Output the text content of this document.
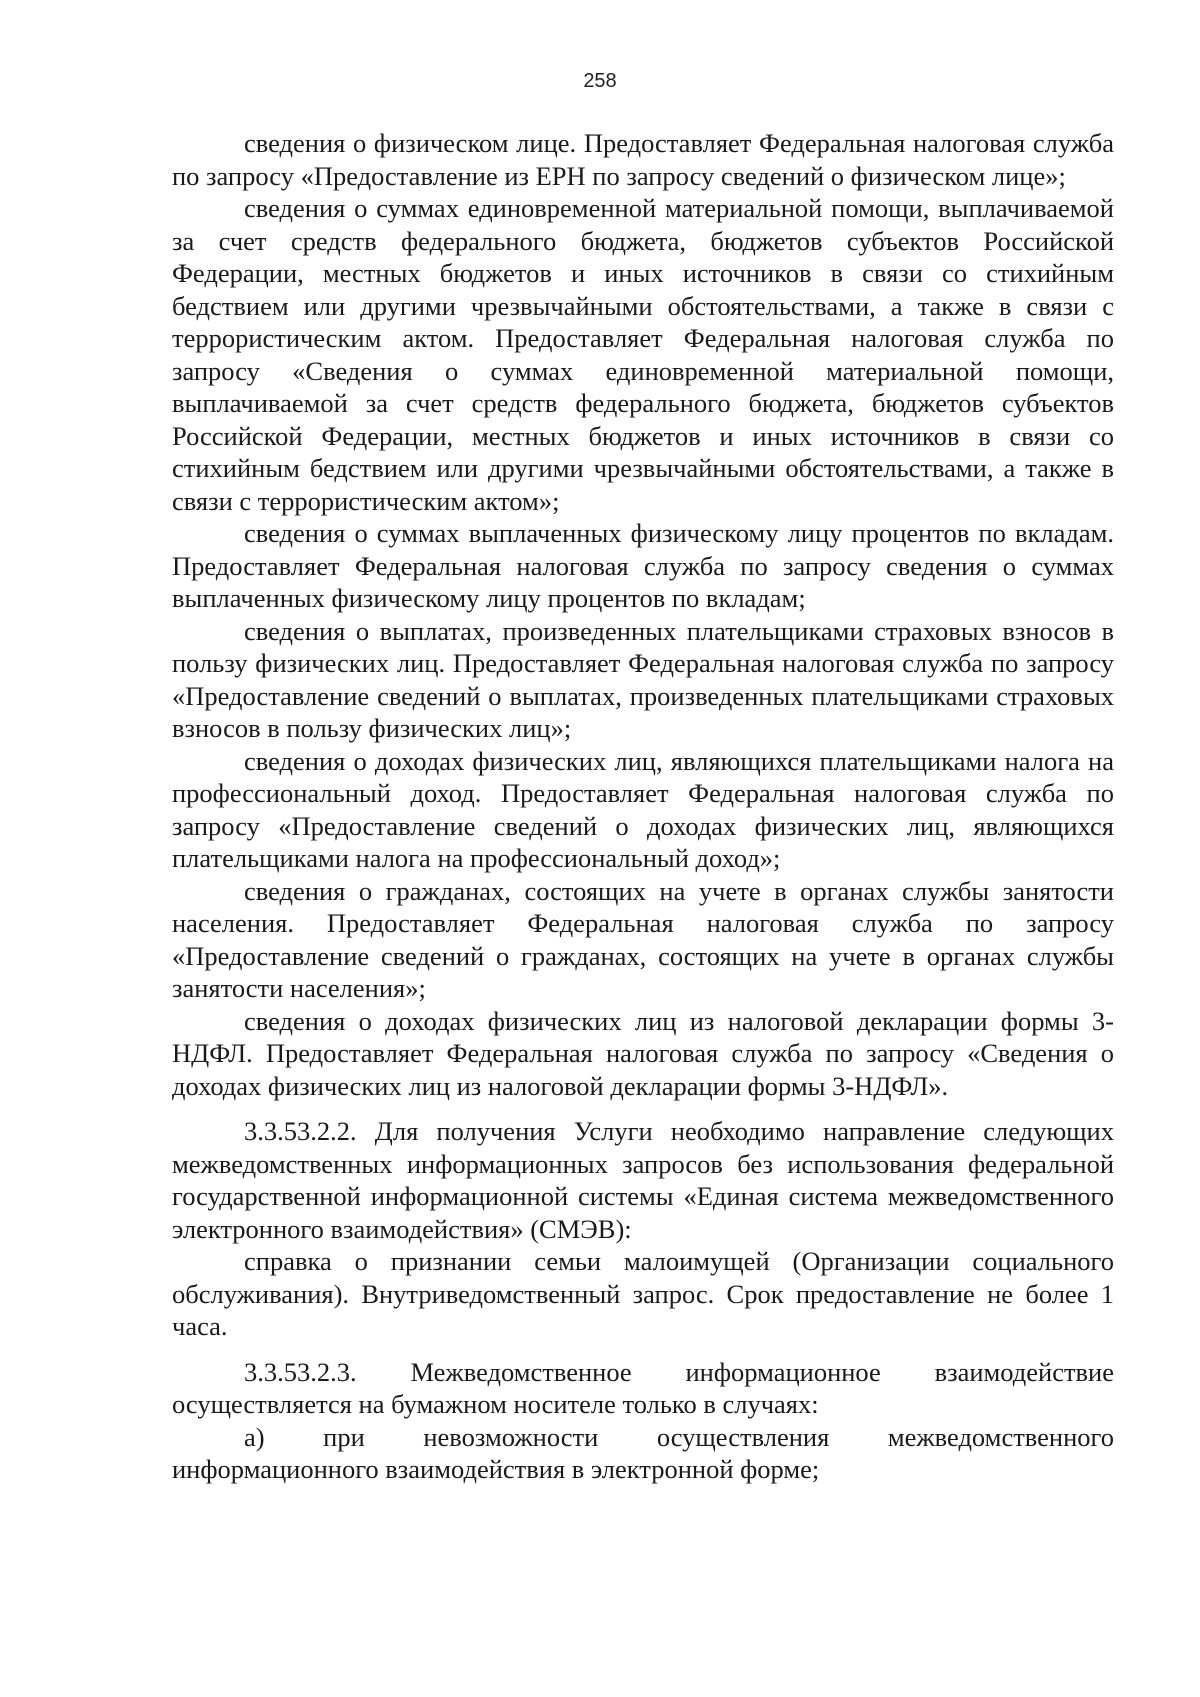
258

сведения о физическом лице. Предоставляет Федеральная налоговая служба по запросу «Предоставление из ЕРН по запросу сведений о физическом лице»;

сведения о суммах единовременной материальной помощи, выплачиваемой за счет средств федерального бюджета, бюджетов субъектов Российской Федерации, местных бюджетов и иных источников в связи со стихийным бедствием или другими чрезвычайными обстоятельствами, а также в связи с террористическим актом. Предоставляет Федеральная налоговая служба по запросу «Сведения о суммах единовременной материальной помощи, выплачиваемой за счет средств федерального бюджета, бюджетов субъектов Российской Федерации, местных бюджетов и иных источников в связи со стихийным бедствием или другими чрезвычайными обстоятельствами, а также в связи с террористическим актом»;

сведения о суммах выплаченных физическому лицу процентов по вкладам. Предоставляет Федеральная налоговая служба по запросу сведения о суммах выплаченных физическому лицу процентов по вкладам;

сведения о выплатах, произведенных плательщиками страховых взносов в пользу физических лиц. Предоставляет Федеральная налоговая служба по запросу «Предоставление сведений о выплатах, произведенных плательщиками страховых взносов в пользу физических лиц»;

сведения о доходах физических лиц, являющихся плательщиками налога на профессиональный доход. Предоставляет Федеральная налоговая служба по запросу «Предоставление сведений о доходах физических лиц, являющихся плательщиками налога на профессиональный доход»;

сведения о гражданах, состоящих на учете в органах службы занятости населения. Предоставляет Федеральная налоговая служба по запросу «Предоставление сведений о гражданах, состоящих на учете в органах службы занятости населения»;

сведения о доходах физических лиц из налоговой декларации формы 3-НДФЛ. Предоставляет Федеральная налоговая служба по запросу «Сведения о доходах физических лиц из налоговой декларации формы 3-НДФЛ».

3.3.53.2.2. Для получения Услуги необходимо направление следующих межведомственных информационных запросов без использования федеральной государственной информационной системы «Единая система межведомственного электронного взаимодействия» (СМЭВ):

справка о признании семьи малоимущей (Организации социального обслуживания). Внутриведомственный запрос. Срок предоставление не более 1 часа.

3.3.53.2.3. Межведомственное информационное взаимодействие осуществляется на бумажном носителе только в случаях:

а) при невозможности осуществления межведомственного информационного взаимодействия в электронной форме;
